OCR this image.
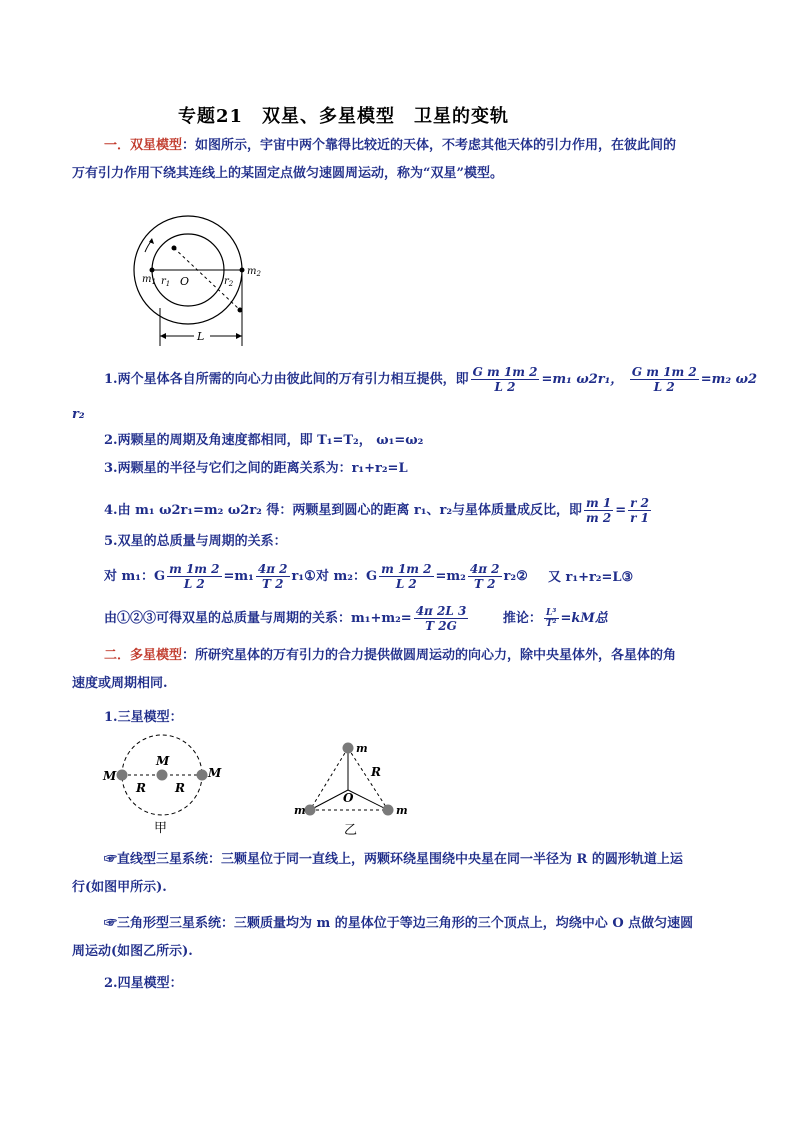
专题21　双星、多星模型　卫星的变轨
一．双星模型：如图所示，宇宙中两个靠得比较近的天体，不考虑其他天体的引力作用，在彼此间的
万有引力作用下绕其连线上的某固定点做匀速圆周运动，称为“双星”模型。
$m_1$
$m_2$
$r_1$ O	$r_2$
L
1.两个星体各自所需的向心力由彼此间的万有引力相互提供，即 $\frac{\text{G m 1m 2}}{L 2} =m_1$ ω2r₁， $\frac{\text{G m 1m 2}}{L 2} =m_2$ ω2
r₂
2.两颗星的周期及角速度都相同，即 T₁=T₂， ω₁=ω₂
3.两颗星的半径与它们之间的距离关系为：r₁+r₂=L
4.由 m₁ ω2r₁=m₂ ω2r₂ 得：两颗星到圆心的距离 r₁、r₂与星体质量成反比，即 $\frac{m 1}{m 2} = \frac{r 2}{r 1}$
5.双星的总质量与周期的关系：
对 m₁：G $\frac{m 1m 2}{L 2} =m_1 \frac{4\pi 2}{T 2}$ r₁① 对 m₂：G $\frac{m 1m 2}{L 2} =m_2 \frac{4\pi 2}{T 2}$ r₂② 又 r₁+r₂=L③
由①②③可得双星的总质量与周期的关系：$m_1+m_2= \frac{4\pi 2L 3}{T 2G}$	推论： $\frac{\text{L³}}{\text{T²}} =kM$总
二．多星模型：所研究星体的万有引力的合力提供做圆周运动的向心力，除中央星体外，各星体的角
速度或周期相同.
1.三星模型：
M
M
M
R R
甲
m
m	m
R
O
乙
☞直线型三星系统：三颗星位于同一直线上，两颗环绕星围绕中央星在同一半径为 R 的圆形轨道上运
行(如图甲所示).
☞三角形型三星系统：三颗质量均为 m 的星体位于等边三角形的三个顶点上，均绕中心 O 点做匀速圆
周运动(如图乙所示).
2.四星模型：
